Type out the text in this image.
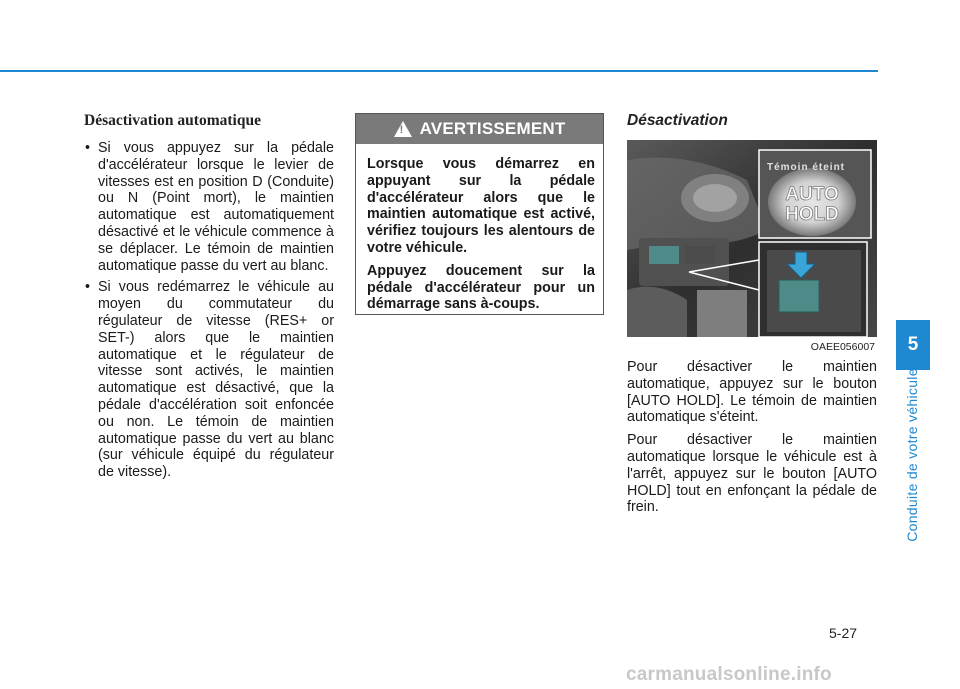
Désactivation automatique
• Si vous appuyez sur la pédale d'accélérateur lorsque le levier de vitesses est en position D (Conduite) ou N (Point mort), le maintien automatique est automatiquement désactivé et le véhicule commence à se déplacer. Le témoin de maintien automatique passe du vert au blanc.
• Si vous redémarrez le véhicule au moyen du commutateur du régulateur de vitesse (RES+ or SET-) alors que le maintien automatique et le régulateur de vitesse sont activés, le maintien automatique est désactivé, que la pédale d'accélération soit enfoncée ou non. Le témoin de maintien automatique passe du vert au blanc (sur véhicule équipé du régulateur de vitesse).
! AVERTISSEMENT

Lorsque vous démarrez en appuyant sur la pédale d'accélérateur alors que le maintien automatique est activé, vérifiez toujours les alentours de votre véhicule.

Appuyez doucement sur la pédale d'accélérateur pour un démarrage sans à-coups.

Désactivation
Témoin éteint
AUTO
HOLD
OAEE056007

Pour désactiver le maintien automatique, appuyez sur le bouton [AUTO HOLD]. Le témoin de maintien automatique s'éteint.

Pour désactiver le maintien automatique lorsque le véhicule est à l'arrêt, appuyez sur le bouton [AUTO HOLD] tout en enfonçant la pédale de frein.

5
Conduite de votre véhicule
5-27
carmanualsonline.info
